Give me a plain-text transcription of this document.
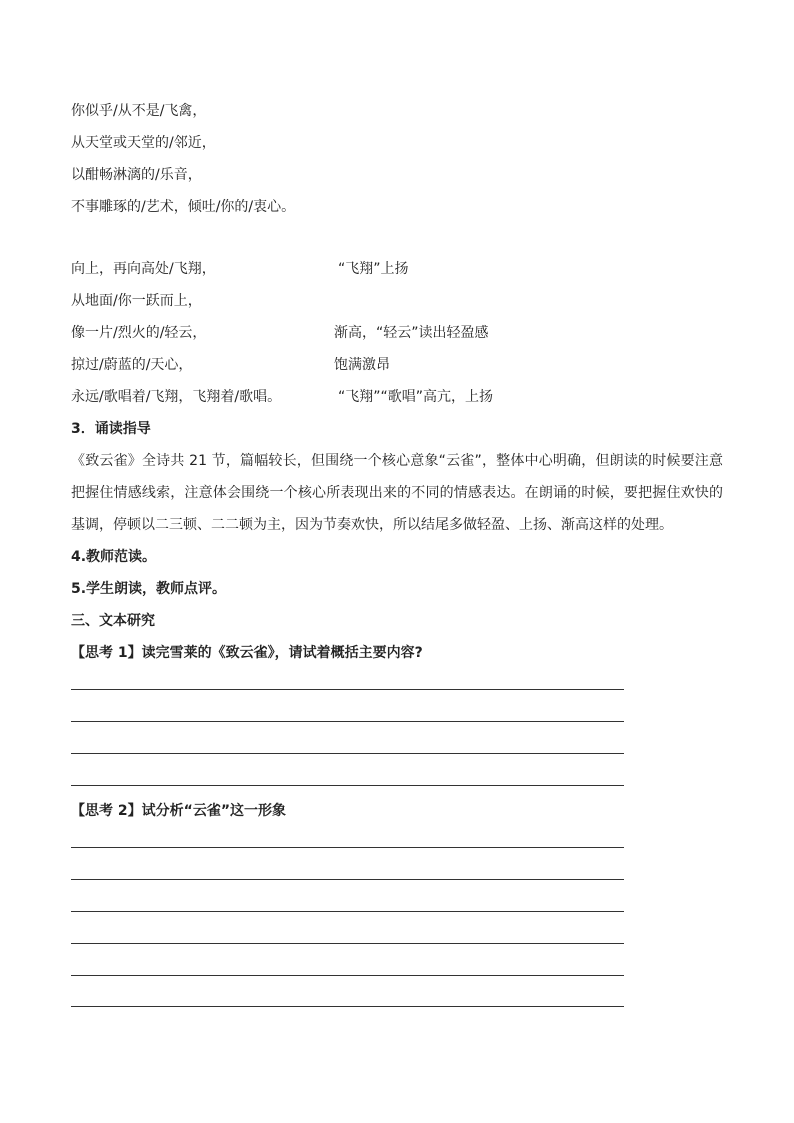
你似乎/从不是/飞禽，
从天堂或天堂的/邻近，
以酣畅淋漓的/乐音，
不事雕琢的/艺术，倾吐/你的/衷心。
向上，再向高处/飞翔，
从地面/你一跃而上，
像一片/烈火的/轻云，
掠过/蔚蓝的/天心，
永远/歌唱着/飞翔，飞翔着/歌唱。
“飞翔”上扬
渐高，“轻云”读出轻盈感
饱满激昂
“飞翔”“歌唱”高亢，上扬
3．诵读指导
《致云雀》全诗共 21 节，篇幅较长，但围绕一个核心意象“云雀”，整体中心明确，但朗读的时候要注意把握住情感线索，注意体会围绕一个核心所表现出来的不同的情感表达。在朗诵的时候，要把握住欢快的基调，停顿以二三顿、二二顿为主，因为节奏欢快，所以结尾多做轻盈、上扬、渐高这样的处理。
4.教师范读。
5.学生朗读，教师点评。
三、文本研究
【思考 1】读完雪莱的《致云雀》，请试着概括主要内容?
【思考 2】试分析“云雀”这一形象
